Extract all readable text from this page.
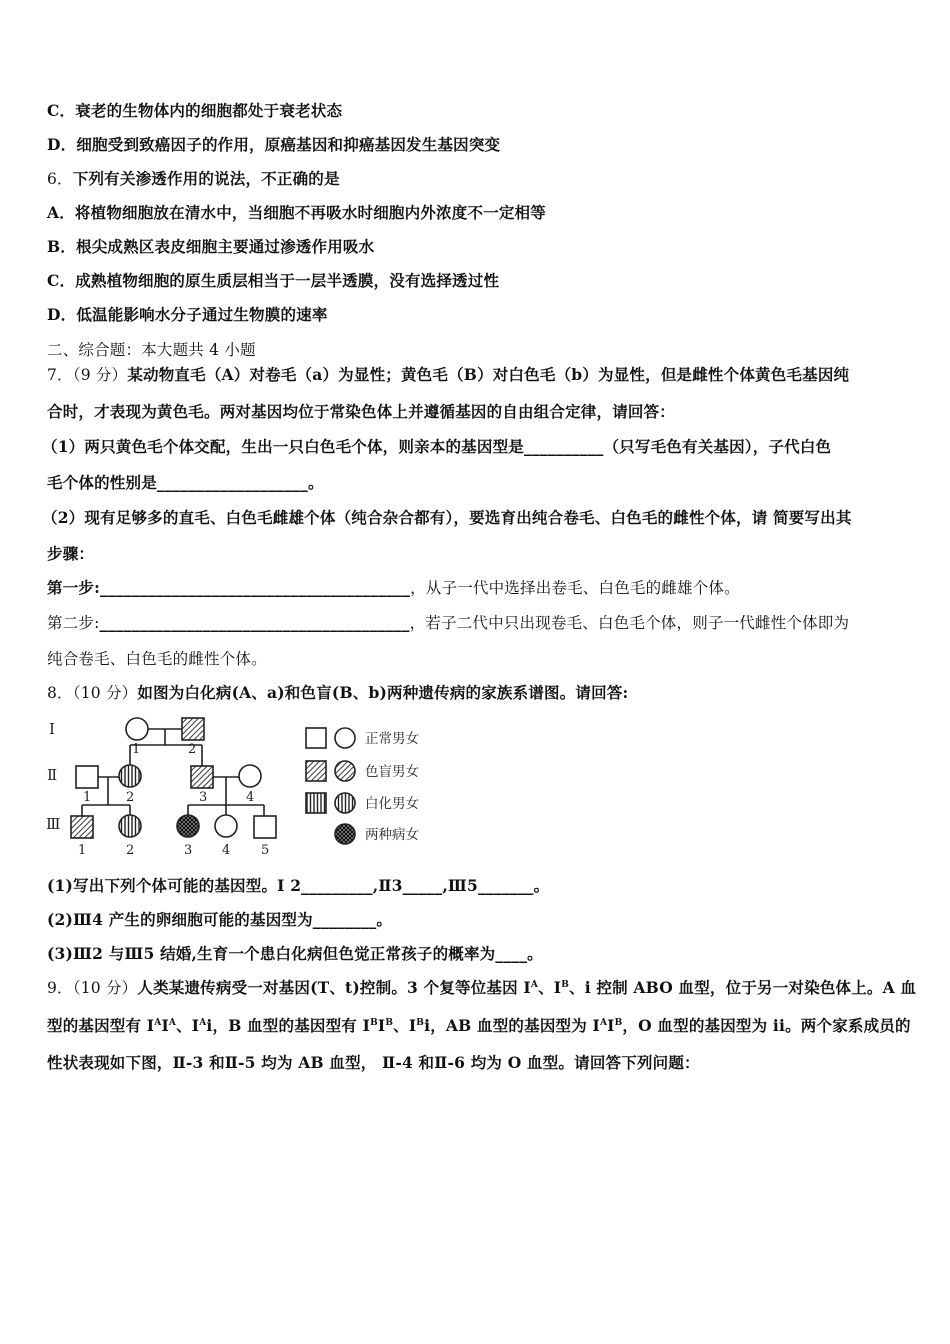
C．衰老的生物体内的细胞都处于衰老状态
D．细胞受到致癌因子的作用，原癌基因和抑癌基因发生基因突变
6．下列有关渗透作用的说法，不正确的是
A．将植物细胞放在清水中，当细胞不再吸水时细胞内外浓度不一定相等
B．根尖成熟区表皮细胞主要通过渗透作用吸水
C．成熟植物细胞的原生质层相当于一层半透膜，没有选择透过性
D．低温能影响水分子通过生物膜的速率
二、综合题：本大题共 4 小题
7．（9 分）某动物直毛（A）对卷毛（a）为显性；黄色毛（B）对白色毛（b）为显性，但是雌性个体黄色毛基因纯
合时，才表现为黄色毛。两对基因均位于常染色体上并遵循基因的自由组合定律，请回答：
（1）两只黄色毛个体交配，生出一只白色毛个体，则亲本的基因型是__________（只写毛色有关基因），子代白色
毛个体的性别是___________________。
（2）现有足够多的直毛、白色毛雌雄个体（纯合杂合都有），要选育出纯合卷毛、白色毛的雌性个体，请 简要写出其
步骤：
第一步:_______________________________________，从子一代中选择出卷毛、白色毛的雌雄个体。
第二步:_______________________________________，若子二代中只出现卷毛、白色毛个体，则子一代雌性个体即为
纯合卷毛、白色毛的雌性个体。
8．（10 分）如图为白化病(A、a)和色盲(B、b)两种遗传病的家族系谱图。请回答:
Ⅰ
Ⅱ
Ⅲ
1	2
1	2	3	4
1	2	3 4 5
正常男女
色盲男女
白化男女
两种病女
(1)写出下列个体可能的基因型。Ⅰ 2_________,Ⅱ3_____,Ⅲ5_______。
(2)Ⅲ4 产生的卵细胞可能的基因型为________。
(3)Ⅲ2 与Ⅲ5 结婚,生育一个患白化病但色觉正常孩子的概率为____。
9．（10 分）人类某遗传病受一对基因(T、t)控制。3 个复等位基因 $I^A$、$I^B$、i 控制 ABO 血型，位于另一对染色体上。A 血
型的基因型有 $I^AI^A$、$I^Ai$，B 血型的基因型有 $I^BI^B$、$I^Bi$，AB 血型的基因型为 $I^AI^B$，O 血型的基因型为 ii。两个家系成员的
性状表现如下图，Ⅱ-3 和Ⅱ-5 均为 AB 血型， Ⅱ-4 和Ⅱ-6 均为 O 血型。请回答下列问题：
